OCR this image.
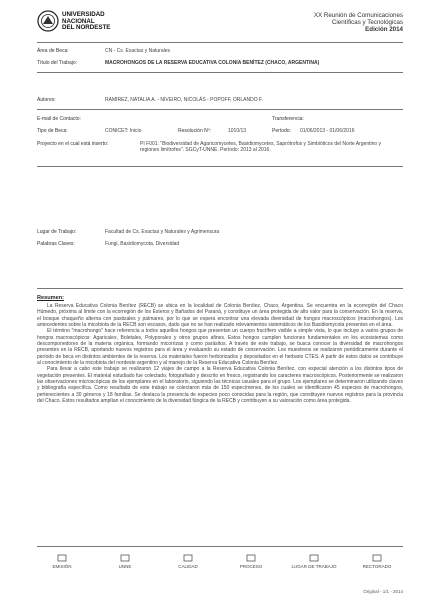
UNIVERSIDAD
NACIONAL
DEL NORDESTE
XX Reunión de Comunicaciones
Científicas y Tecnológicas
Edición 2014
Área de Beca:	CN - Cs. Exactas y Naturales
Título del Trabajo:	MACROHONGOS DE LA RESERVA EDUCATIVA COLONIA BENÍTEZ (CHACO, ARGENTINA)
Autores:	RAMIREZ, NATALIA A. - NIVEIRO, NICOLÁS - POPOFF, ORLANDO F.
E-mail de Contacto:	Transferencia:
Tipo de Beca:	CONICET: Inicio	Resolución Nº:	1010/13	Período: 01/06/2013 - 01/06/2016
Proyecto en el cual está inserto:	PI F001: "Biodiversidad de Agaricomycetes, Basidiomycetes, Saprótrofos y Simbióticos del Norte Argentino y regiones limítrofes". SGCyT-UNNE. Período: 2013 al 2016.
Lugar de Trabajo:	Facultad de Cs. Exactas y Naturales y Agrimensura
Palabras Claves:	Fungi, Basidiomycota, Diversidad
Resumen:

La Reserva Educativa Colonia Benítez (RECB) se ubica en la localidad de Colonia Benítez, Chaco, Argentina. Se encuentra en la ecorregión del Chaco Húmedo, próxima al límite con la ecorregión de los Esteros y Bañados del Paraná, y constituye un área protegida de alto valor para la conservación. En la reserva, el bosque chaqueño alterna con pastizales y palmares, por lo que se espera encontrar una elevada diversidad de hongos macroscópicos (macrohongos). Los antecedentes sobre la micobiota de la RECB son escasos, dado que no se han realizado relevamientos sistemáticos de los Basidiomycota presentes en el área.

El término "macrohongo" hace referencia a todos aquellos hongos que presentan un cuerpo fructífero visible a simple vista, lo que incluye a varios grupos de hongos macroscópicos: Agaricales, Boletales, Polyporales y otros grupos afines. Estos hongos cumplen funciones fundamentales en los ecosistemas como descomponedores de la materia orgánica, formando micorrizas y como parásitos. A través de este trabajo, se busca conocer la diversidad de macrohongos presentes en la RECB, aportando nuevos registros para el área y evaluando su estado de conservación. Los muestreos se realizaron periódicamente durante el período de beca en distintos ambientes de la reserva. Los materiales fueron herborizados y depositados en el herbario CTES. A partir de estos datos se contribuye al conocimiento de la micobiota del nordeste argentino y al manejo de la Reserva Educativa Colonia Benítez.

Para llevar a cabo este trabajo se realizaron 12 viajes de campo a la Reserva Educativa Colonia Benítez, con especial atención a los distintos tipos de vegetación presentes. El material estudiado fue colectado, fotografiado y descrito en fresco, registrando los caracteres macroscópicos. Posteriormente se realizaron las observaciones microscópicas de los ejemplares en el laboratorio, siguiendo las técnicas usuales para el grupo. Los ejemplares se determinaron utilizando claves y bibliografía específica. Como resultado de este trabajo se colectaron más de 150 especímenes, de los cuales se identificaron 45 especies de macrohongos, pertenecientes a 30 géneros y 18 familias. Se destaca la presencia de especies poco conocidas para la región, que constituyen nuevos registros para la provincia del Chaco. Estos resultados amplían el conocimiento de la diversidad fúngica de la RECB y contribuyen a su valoración como área protegida.

EMISIÓN	UNNE	CALIDAD	PROCESO	LUGAR DE TRABAJO	RECTORADO
Original - 1/1 - 2014
